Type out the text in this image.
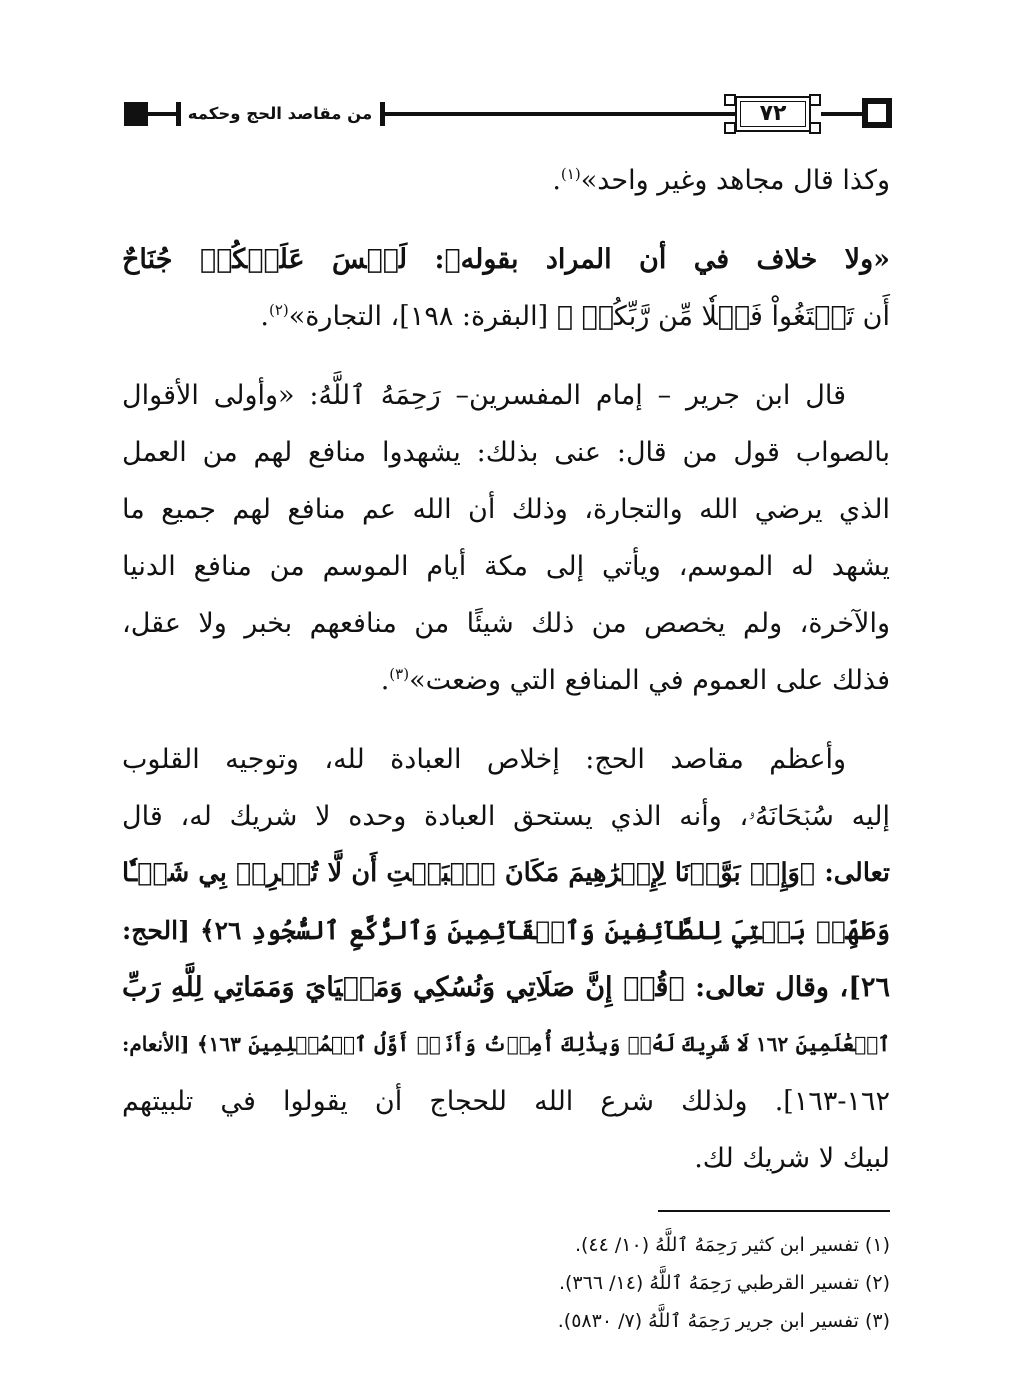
من مقاصد الحج وحكمه	٧٢
وكذا قال مجاهد وغير واحد»$^{(١)}$.
«ولا خلاف في أن المراد بقوله﴿: لَيۡسَ عَلَيۡكُمۡ جُنَاحٌ
أَن تَبۡتَغُواْ فَضۡلٗا مِّن رَّبِّكُمۡ ﴾ [البقرة: ١٩٨]، التجارة»$^{(٢)}$.
قال ابن جرير – إمام المفسرين– رَحِمَهُ ٱللَّهُ: «وأولى الأقوال
بالصواب قول من قال: عنى بذلك: يشهدوا منافع لهم من العمل
الذي يرضي الله والتجارة، وذلك أن الله عم منافع لهم جميع ما
يشهد له الموسم، ويأتي إلى مكة أيام الموسم من منافع الدنيا
والآخرة، ولم يخصص من ذلك شيئًا من منافعهم بخبر ولا عقل،
فذلك على العموم في المنافع التي وضعت»$^{(٣)}$.
وأعظم مقاصد الحج: إخلاص العبادة لله، وتوجيه القلوب
إليه سُبۡحَانَهُۥ، وأنه الذي يستحق العبادة وحده لا شريك له، قال
تعالى: ﴿وَإِذۡ بَوَّأۡنَا لِإِبۡرَٰهِيمَ مَكَانَ ٱلۡبَيۡتِ أَن لَّا تُشۡرِكۡ بِي شَيۡـٔٗا
وَطَهِّرۡ بَيۡتِيَ لِلطَّآئِفِينَ وَٱلۡقَآئِمِينَ وَٱلرُّكَّعِ ٱلسُّجُودِ ٢٦﴾ [الحج:
٢٦]، وقال تعالى: ﴿قُلۡ إِنَّ صَلَاتِي وَنُسُكِي وَمَحۡيَايَ وَمَمَاتِي لِلَّهِ رَبِّ
ٱلۡعَٰلَمِينَ ١٦٢ لَا شَرِيكَ لَهُۥۖ وَبِذَٰلِكَ أُمِرۡتُ وَأَنَا۠ أَوَّلُ ٱلۡمُسۡلِمِينَ ١٦٣﴾ [الأنعام:
١٦٢-١٦٣]. ولذلك شرع الله للحجاج أن يقولوا في تلبيتهم
لبيك لا شريك لك.
(١) تفسير ابن كثير رَحِمَهُ ٱللَّهُ (١٠/ ٤٤).
(٢) تفسير القرطبي رَحِمَهُ ٱللَّهُ (١٤/ ٣٦٦).
(٣) تفسير ابن جرير رَحِمَهُ ٱللَّهُ (٧/ ٥٨٣٠).
